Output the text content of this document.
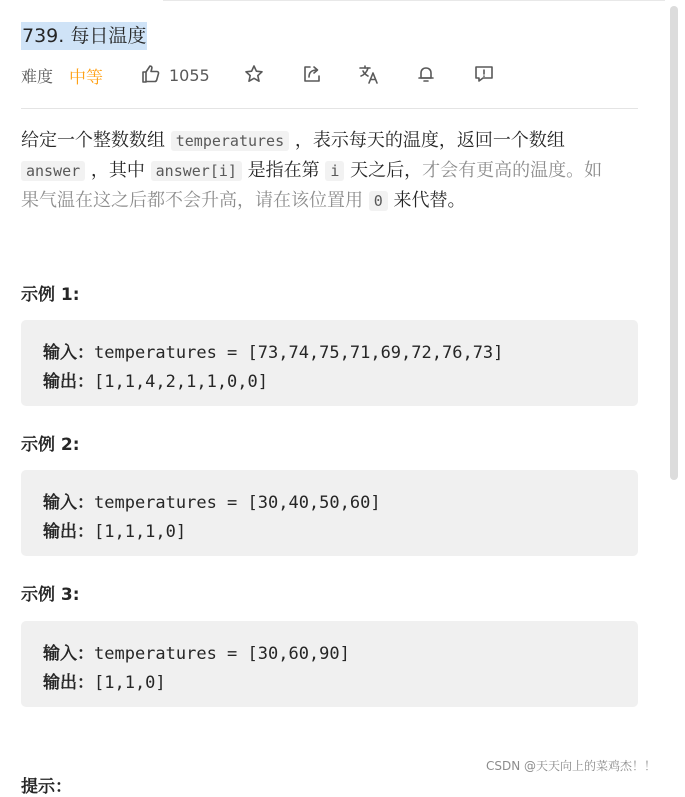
739. 每日温度
难度 中等	1055
给定一个整数数组 temperatures ，表示每天的温度，返回一个数组 answer ，其中 answer[i] 是指在第 i 天之后，才会有更高的温度。如果气温在这之后都不会升高，请在该位置用 0 来代替。
示例 1:
输入：temperatures = [73,74,75,71,69,72,76,73]
输出：[1,1,4,2,1,1,0,0]
示例 2:
输入：temperatures = [30,40,50,60]
输出：[1,1,1,0]
示例 3:
输入：temperatures = [30,60,90]
输出：[1,1,0]
提示：
CSDN @天天向上的菜鸡杰！！
